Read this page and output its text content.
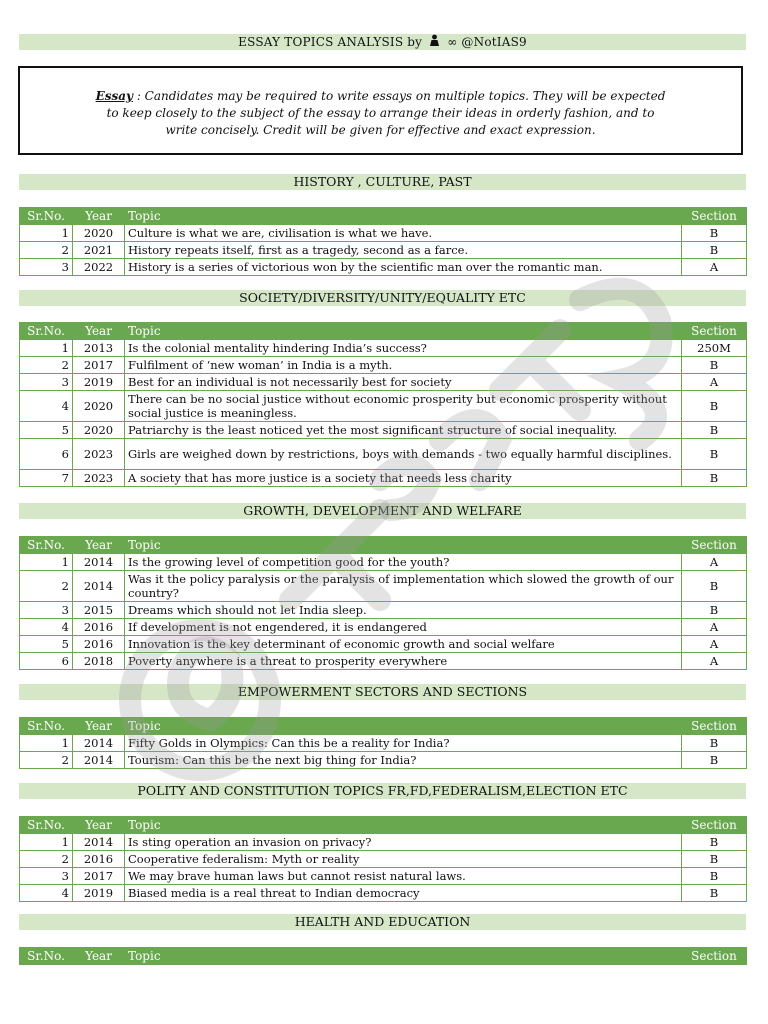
ESSAY TOPICS ANALYSIS by ∞ @NotIAS9
Essay : Candidates may be required to write essays on multiple topics. They will be expected to keep closely to the subject of the essay to arrange their ideas in orderly fashion, and to write concisely. Credit will be given for effective and exact expression.
HISTORY , CULTURE, PAST
Sr.No.	Year	Topic	Section
1	2020	Culture is what we are, civilisation is what we have.	B
2	2021	History repeats itself, first as a tragedy, second as a farce.	B
3	2022	History is a series of victorious won by the scientific man over the romantic man.	A
SOCIETY/DIVERSITY/UNITY/EQUALITY ETC
Sr.No.	Year	Topic	Section
1	2013	Is the colonial mentality hindering India’s success?	250M
2	2017	Fulfilment of ‘new woman’ in India is a myth.	B
3	2019	Best for an individual is not necessarily best for society	A
4	2020	There can be no social justice without economic prosperity but economic prosperity without social justice is meaningless.	B
5	2020	Patriarchy is the least noticed yet the most significant structure of social inequality.	B
6	2023	Girls are weighed down by restrictions, boys with demands - two equally harmful disciplines.	B
7	2023	A society that has more justice is a society that needs less charity	B
GROWTH, DEVELOPMENT AND WELFARE
Sr.No.	Year	Topic	Section
1	2014	Is the growing level of competition good for the youth?	A
2	2014	Was it the policy paralysis or the paralysis of implementation which slowed the growth of our country?	B
3	2015	Dreams which should not let India sleep.	B
4	2016	If development is not engendered, it is endangered	A
5	2016	Innovation is the key determinant of economic growth and social welfare	A
6	2018	Poverty anywhere is a threat to prosperity everywhere	A
EMPOWERMENT SECTORS AND SECTIONS
Sr.No.	Year	Topic	Section
1	2014	Fifty Golds in Olympics: Can this be a reality for India?	B
2	2014	Tourism: Can this be the next big thing for India?	B
POLITY AND CONSTITUTION TOPICS FR,FD,FEDERALISM,ELECTION ETC
Sr.No.	Year	Topic	Section
1	2014	Is sting operation an invasion on privacy?	B
2	2016	Cooperative federalism: Myth or reality	B
3	2017	We may brave human laws but cannot resist natural laws.	B
4	2019	Biased media is a real threat to Indian democracy	B
HEALTH AND EDUCATION
Sr.No.	Year	Topic	Section
